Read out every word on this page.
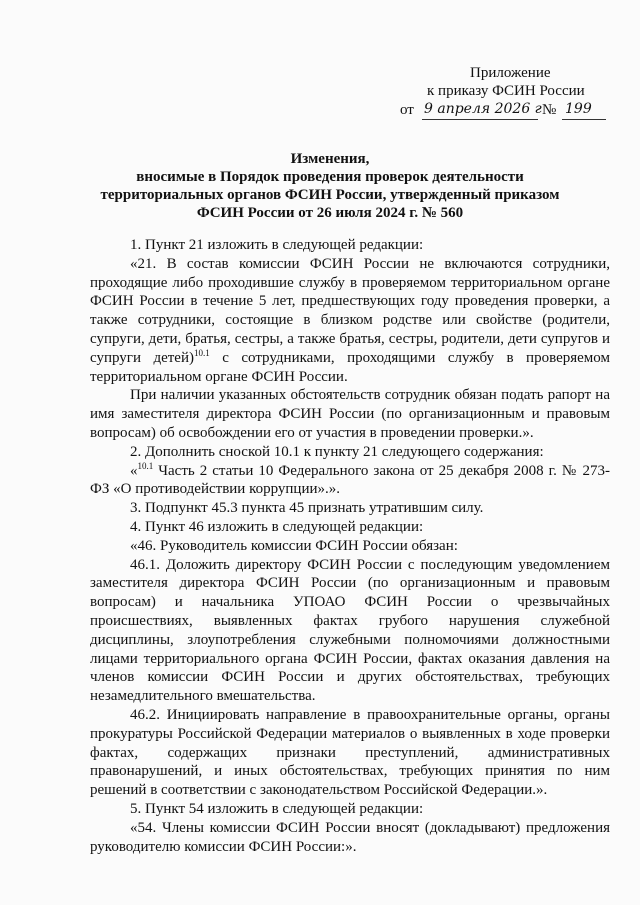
Приложение
к приказу ФСИН России
от 9 апреля 2026 г № 199
Изменения,
вносимые в Порядок проведения проверок деятельности
территориальных органов ФСИН России, утвержденный приказом
ФСИН России от 26 июля 2024 г. № 560

1. Пункт 21 изложить в следующей редакции:

«21. В состав комиссии ФСИН России не включаются сотрудники, проходящие либо проходившие службу в проверяемом территориальном органе ФСИН России в течение 5 лет, предшествующих году проведения проверки, а также сотрудники, состоящие в близком родстве или свойстве (родители, супруги, дети, братья, сестры, а также братья, сестры, родители, дети супругов и супруги детей)$^{10.1}$ с сотрудниками, проходящими службу в проверяемом территориальном органе ФСИН России.

При наличии указанных обстоятельств сотрудник обязан подать рапорт на имя заместителя директора ФСИН России (по организационным и правовым вопросам) об освобождении его от участия в проведении проверки.».

2. Дополнить сноской 10.1 к пункту 21 следующего содержания:

«$^{10.1}$ Часть 2 статьи 10 Федерального закона от 25 декабря 2008 г. № 273-ФЗ «О противодействии коррупции».».

3. Подпункт 45.3 пункта 45 признать утратившим силу.

4. Пункт 46 изложить в следующей редакции:

«46. Руководитель комиссии ФСИН России обязан:

46.1. Доложить директору ФСИН России с последующим уведомлением заместителя директора ФСИН России (по организационным и правовым вопросам) и начальника УПОАО ФСИН России о чрезвычайных происшествиях, выявленных фактах грубого нарушения служебной дисциплины, злоупотребления служебными полномочиями должностными лицами территориального органа ФСИН России, фактах оказания давления на членов комиссии ФСИН России и других обстоятельствах, требующих незамедлительного вмешательства.

46.2. Инициировать направление в правоохранительные органы, органы прокуратуры Российской Федерации материалов о выявленных в ходе проверки фактах, содержащих признаки преступлений, административных правонарушений, и иных обстоятельствах, требующих принятия по ним решений в соответствии с законодательством Российской Федерации.».

5. Пункт 54 изложить в следующей редакции:

«54. Члены комиссии ФСИН России вносят (докладывают) предложения руководителю комиссии ФСИН России:».
